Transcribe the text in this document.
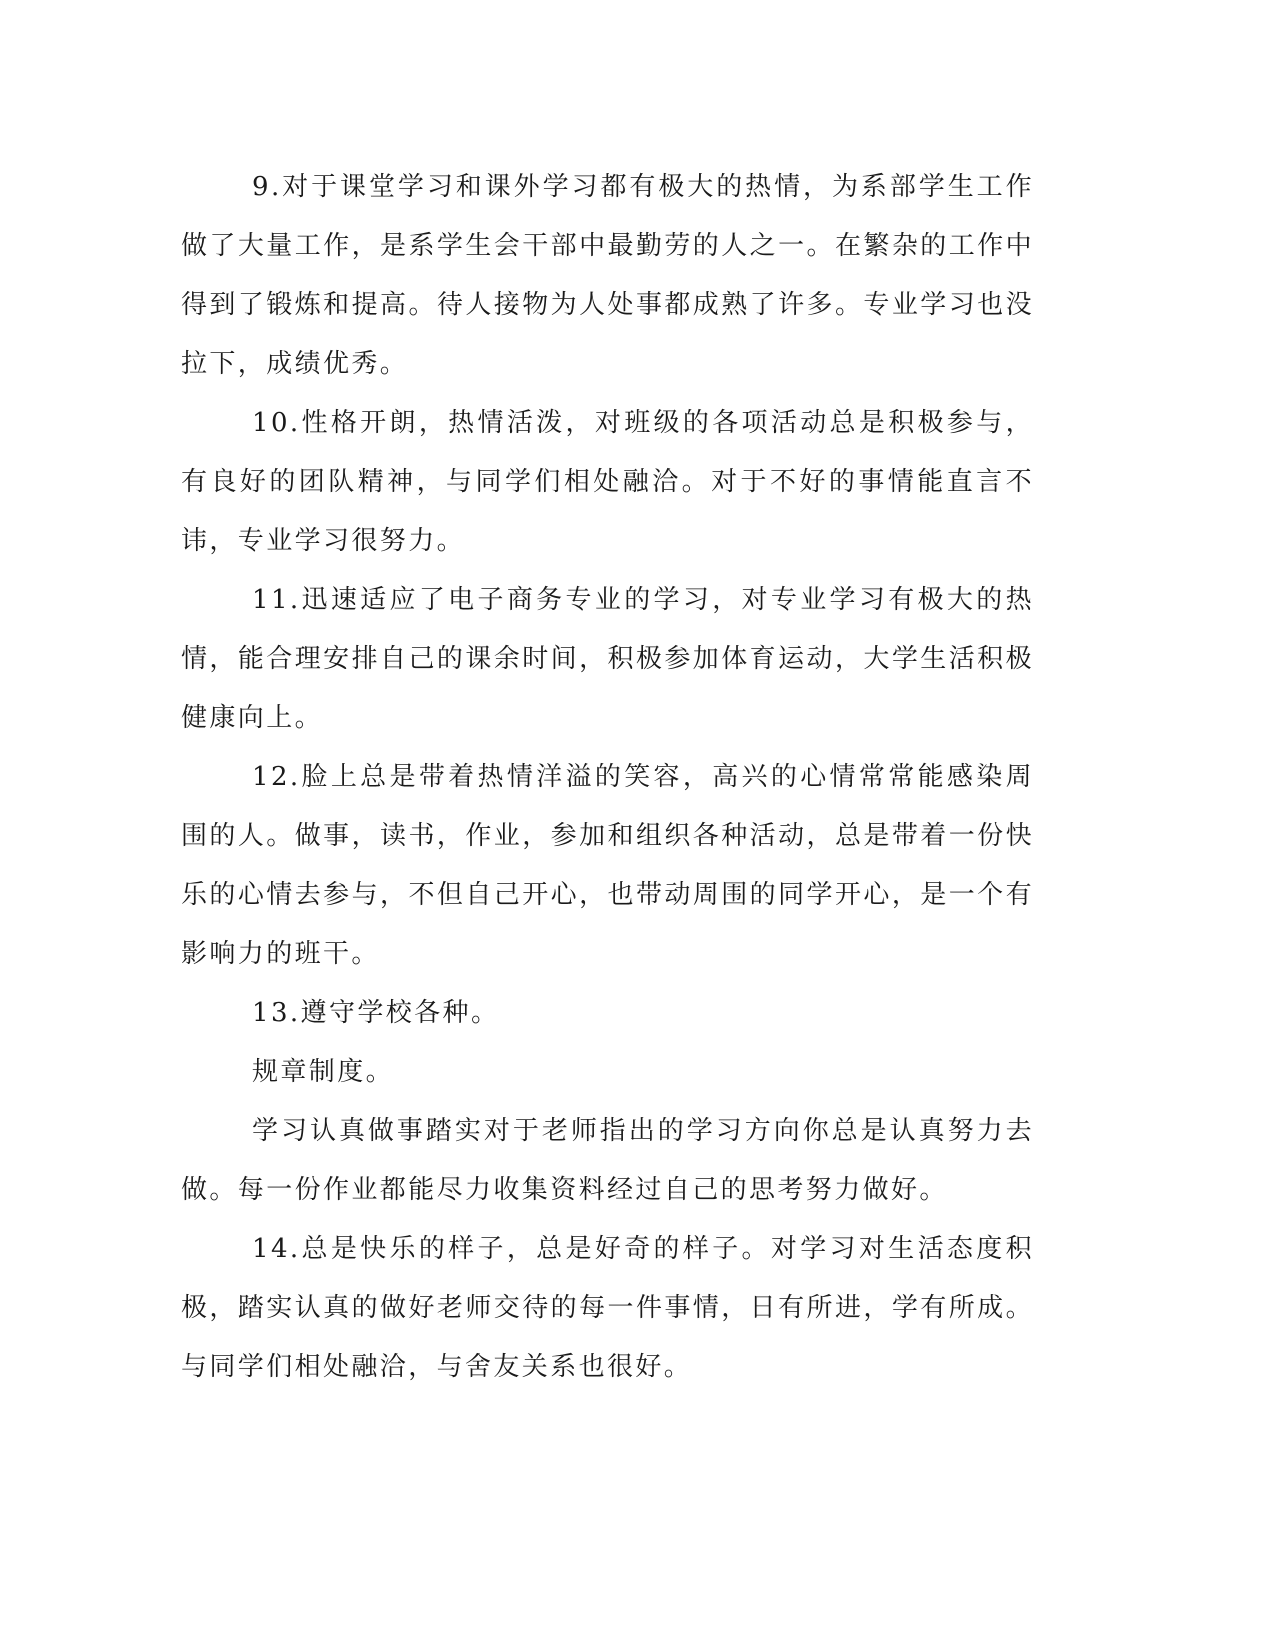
9.对于课堂学习和课外学习都有极大的热情，为系部学生工作做了大量工作，是系学生会干部中最勤劳的人之一。在繁杂的工作中得到了锻炼和提高。待人接物为人处事都成熟了许多。专业学习也没拉下，成绩优秀。

10.性格开朗，热情活泼，对班级的各项活动总是积极参与，有良好的团队精神，与同学们相处融洽。对于不好的事情能直言不讳，专业学习很努力。

11.迅速适应了电子商务专业的学习，对专业学习有极大的热情，能合理安排自己的课余时间，积极参加体育运动，大学生活积极健康向上。

12.脸上总是带着热情洋溢的笑容，高兴的心情常常能感染周围的人。做事，读书，作业，参加和组织各种活动，总是带着一份快乐的心情去参与，不但自己开心，也带动周围的同学开心，是一个有影响力的班干。

13.遵守学校各种。

规章制度。

学习认真做事踏实对于老师指出的学习方向你总是认真努力去做。每一份作业都能尽力收集资料经过自己的思考努力做好。

14.总是快乐的样子，总是好奇的样子。对学习对生活态度积极，踏实认真的做好老师交待的每一件事情，日有所进，学有所成。与同学们相处融洽，与舍友关系也很好。
